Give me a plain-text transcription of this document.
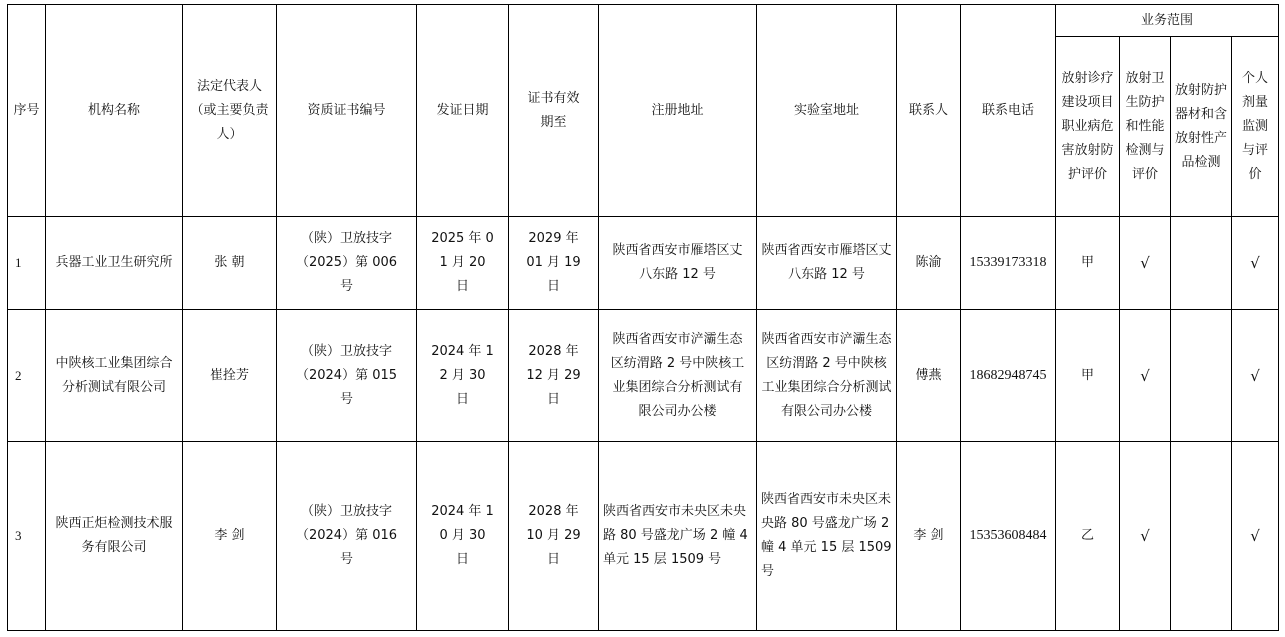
序号	机构名称	法定代表人（或主要负责人）	资质证书编号	发证日期	证书有效期至	注册地址	实验室地址	联系人	联系电话	业务范围			
										放射诊疗建设项目职业病危害放射防护评价	放射卫生防护和性能检测与评价	放射防护器材和含放射性产品检测	个人剂量监测与评价
1	兵器工业卫生研究所	张 朝	（陕）卫放技字（2025）第 006 号	2025 年 01 月 20 日	2029 年 01 月 19 日	陕西省西安市雁塔区丈八东路 12 号	陕西省西安市雁塔区丈八东路 12 号	陈渝	15339173318	甲	√		√
2	中陕核工业集团综合分析测试有限公司	崔拴芳	（陕）卫放技字（2024）第 015 号	2024 年 12 月 30 日	2028 年 12 月 29 日	陕西省西安市浐灞生态区纺渭路 2 号中陕核工业集团综合分析测试有限公司办公楼	陕西省西安市浐灞生态区纺渭路 2 号中陕核工业集团综合分析测试有限公司办公楼	傅燕	18682948745	甲	√		√
3	陕西正炬检测技术服务有限公司	李 剑	（陕）卫放技字（2024）第 016 号	2024 年 10 月 30 日	2028 年 10 月 29 日	陕西省西安市未央区未央路 80 号盛龙广场 2 幢 4 单元 15 层 1509 号	陕西省西安市未央区未央路 80 号盛龙广场 2 幢 4 单元 15 层 1509 号	李 剑	15353608484	乙	√		√
